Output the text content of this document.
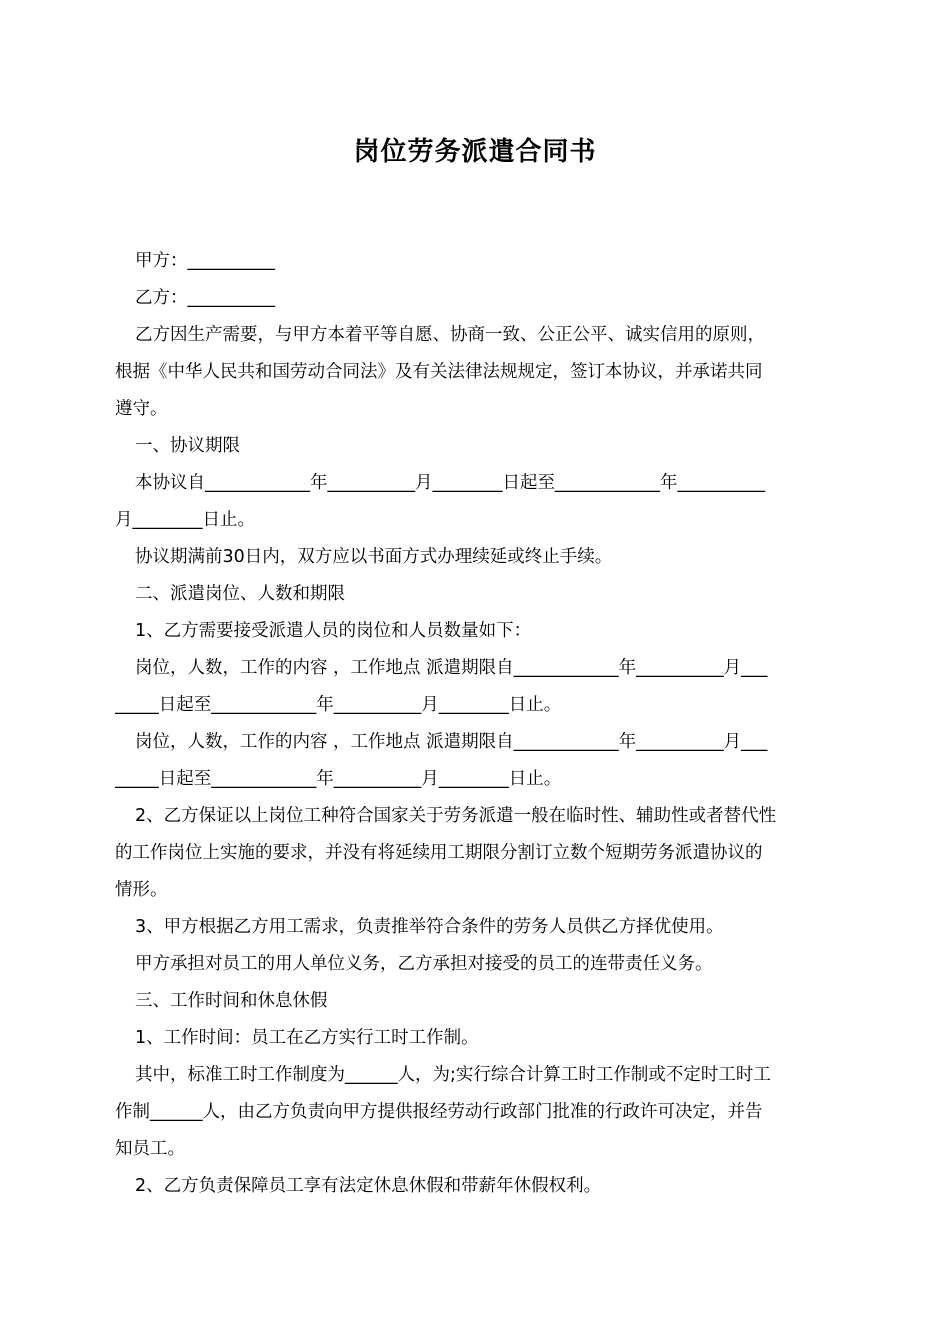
岗位劳务派遣合同书
甲方：__________
乙方：__________
乙方因生产需要，与甲方本着平等自愿、协商一致、公正公平、诚实信用的原则，
根据《中华人民共和国劳动合同法》及有关法律法规规定，签订本协议，并承诺共同
遵守。
一、协议期限
本协议自____________年__________月________日起至____________年__________
月________日止。
协议期满前30日内，双方应以书面方式办理续延或终止手续。
二、派遣岗位、人数和期限
1、乙方需要接受派遣人员的岗位和人员数量如下：
岗位，人数，工作的内容 ，工作地点 派遣期限自____________年__________月___
_____日起至____________年__________月________日止。
岗位，人数，工作的内容 ，工作地点 派遣期限自____________年__________月___
_____日起至____________年__________月________日止。
2、乙方保证以上岗位工种符合国家关于劳务派遣一般在临时性、辅助性或者替代性
的工作岗位上实施的要求，并没有将延续用工期限分割订立数个短期劳务派遣协议的
情形。
3、甲方根据乙方用工需求，负责推举符合条件的劳务人员供乙方择优使用。
甲方承担对员工的用人单位义务，乙方承担对接受的员工的连带责任义务。
三、工作时间和休息休假
1、工作时间：员工在乙方实行工时工作制。
其中，标准工时工作制度为______人，为;实行综合计算工时工作制或不定时工时工
作制______人，由乙方负责向甲方提供报经劳动行政部门批准的行政许可决定，并告
知员工。
2、乙方负责保障员工享有法定休息休假和带薪年休假权利。
